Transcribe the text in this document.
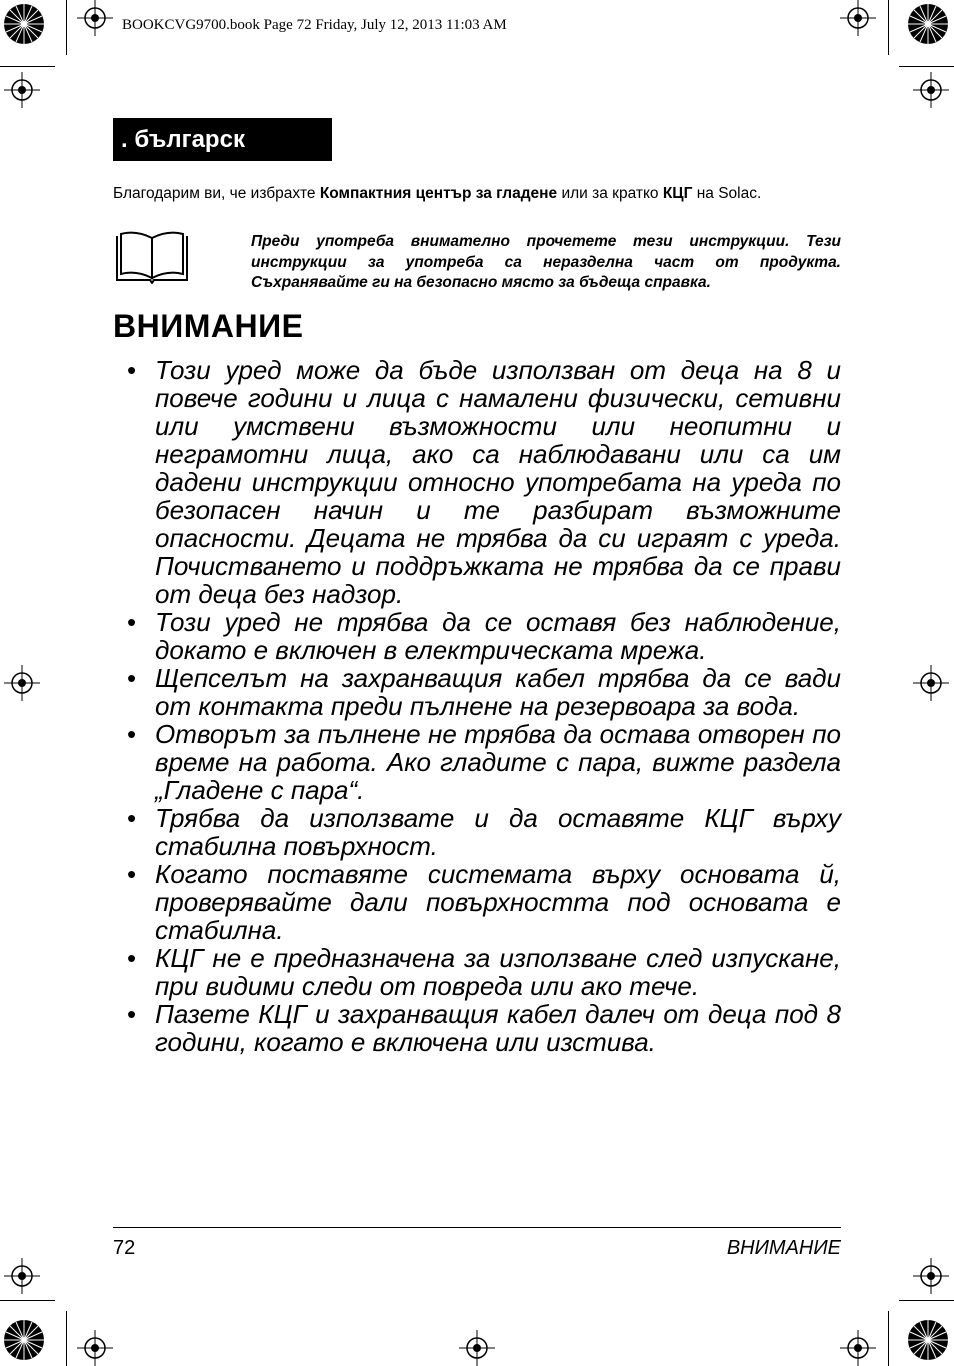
BOOKCVG9700.book Page 72 Friday, July 12, 2013 11:03 AM
. българск
Благодарим ви, че избрахте Компактния център за гладене или за кратко КЦГ на Solac.
Преди употреба внимателно прочетете тези инструкции. Тези инструкции за употреба са неразделна част от продукта. Съхранявайте ги на безопасно място за бъдеща справка.
ВНИМАНИЕ
• Този уред може да бъде използван от деца на 8 и повече години и лица с намалени физически, сетивни или умствени възможности или неопитни и неграмотни лица, ако са наблюдавани или са им дадени инструкции относно употребата на уреда по безопасен начин и те разбират възможните опасности. Децата не трябва да си играят с уреда. Почистването и поддръжката не трябва да се прави от деца без надзор.
• Този уред не трябва да се оставя без наблюдение, докато е включен в електрическата мрежа.
• Щепселът на захранващия кабел трябва да се вади от контакта преди пълнене на резервоара за вода.
• Отворът за пълнене не трябва да остава отворен по време на работа. Ако гладите с пара, вижте раздела „Гладене с пара“.
• Трябва да използвате и да оставяте КЦГ върху стабилна повърхност.
• Когато поставяте системата върху основата й, проверявайте дали повърхността под основата е стабилна.
• КЦГ не е предназначена за използване след изпускане, при видими следи от повреда или ако тече.
• Пазете КЦГ и захранващия кабел далеч от деца под 8 години, когато е включена или изстива.
72	ВНИМАНИЕ
